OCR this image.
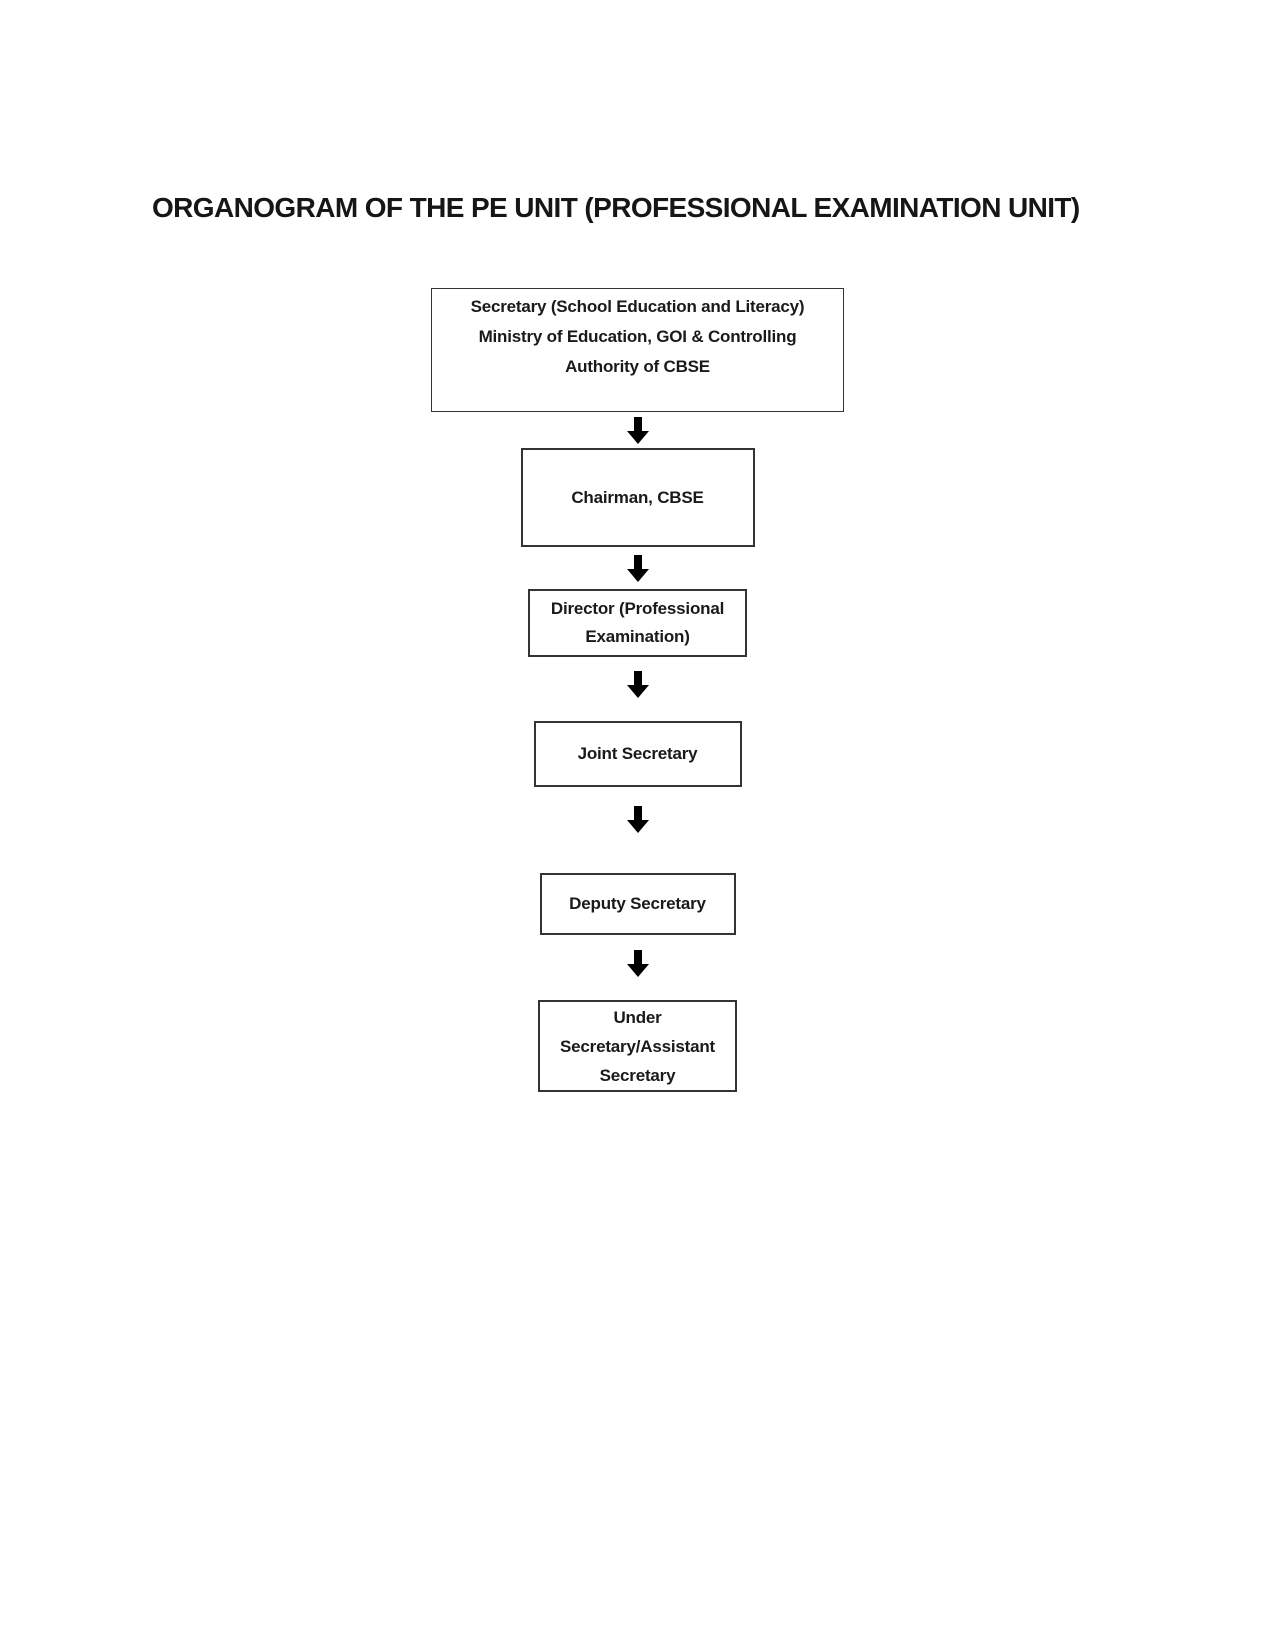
ORGANOGRAM OF THE PE UNIT (PROFESSIONAL EXAMINATION UNIT)
Secretary (School Education and Literacy)
Ministry of Education, GOI & Controlling
Authority of CBSE
Chairman, CBSE
Director (Professional
Examination)
Joint Secretary
Deputy Secretary
Under
Secretary/Assistant
Secretary
